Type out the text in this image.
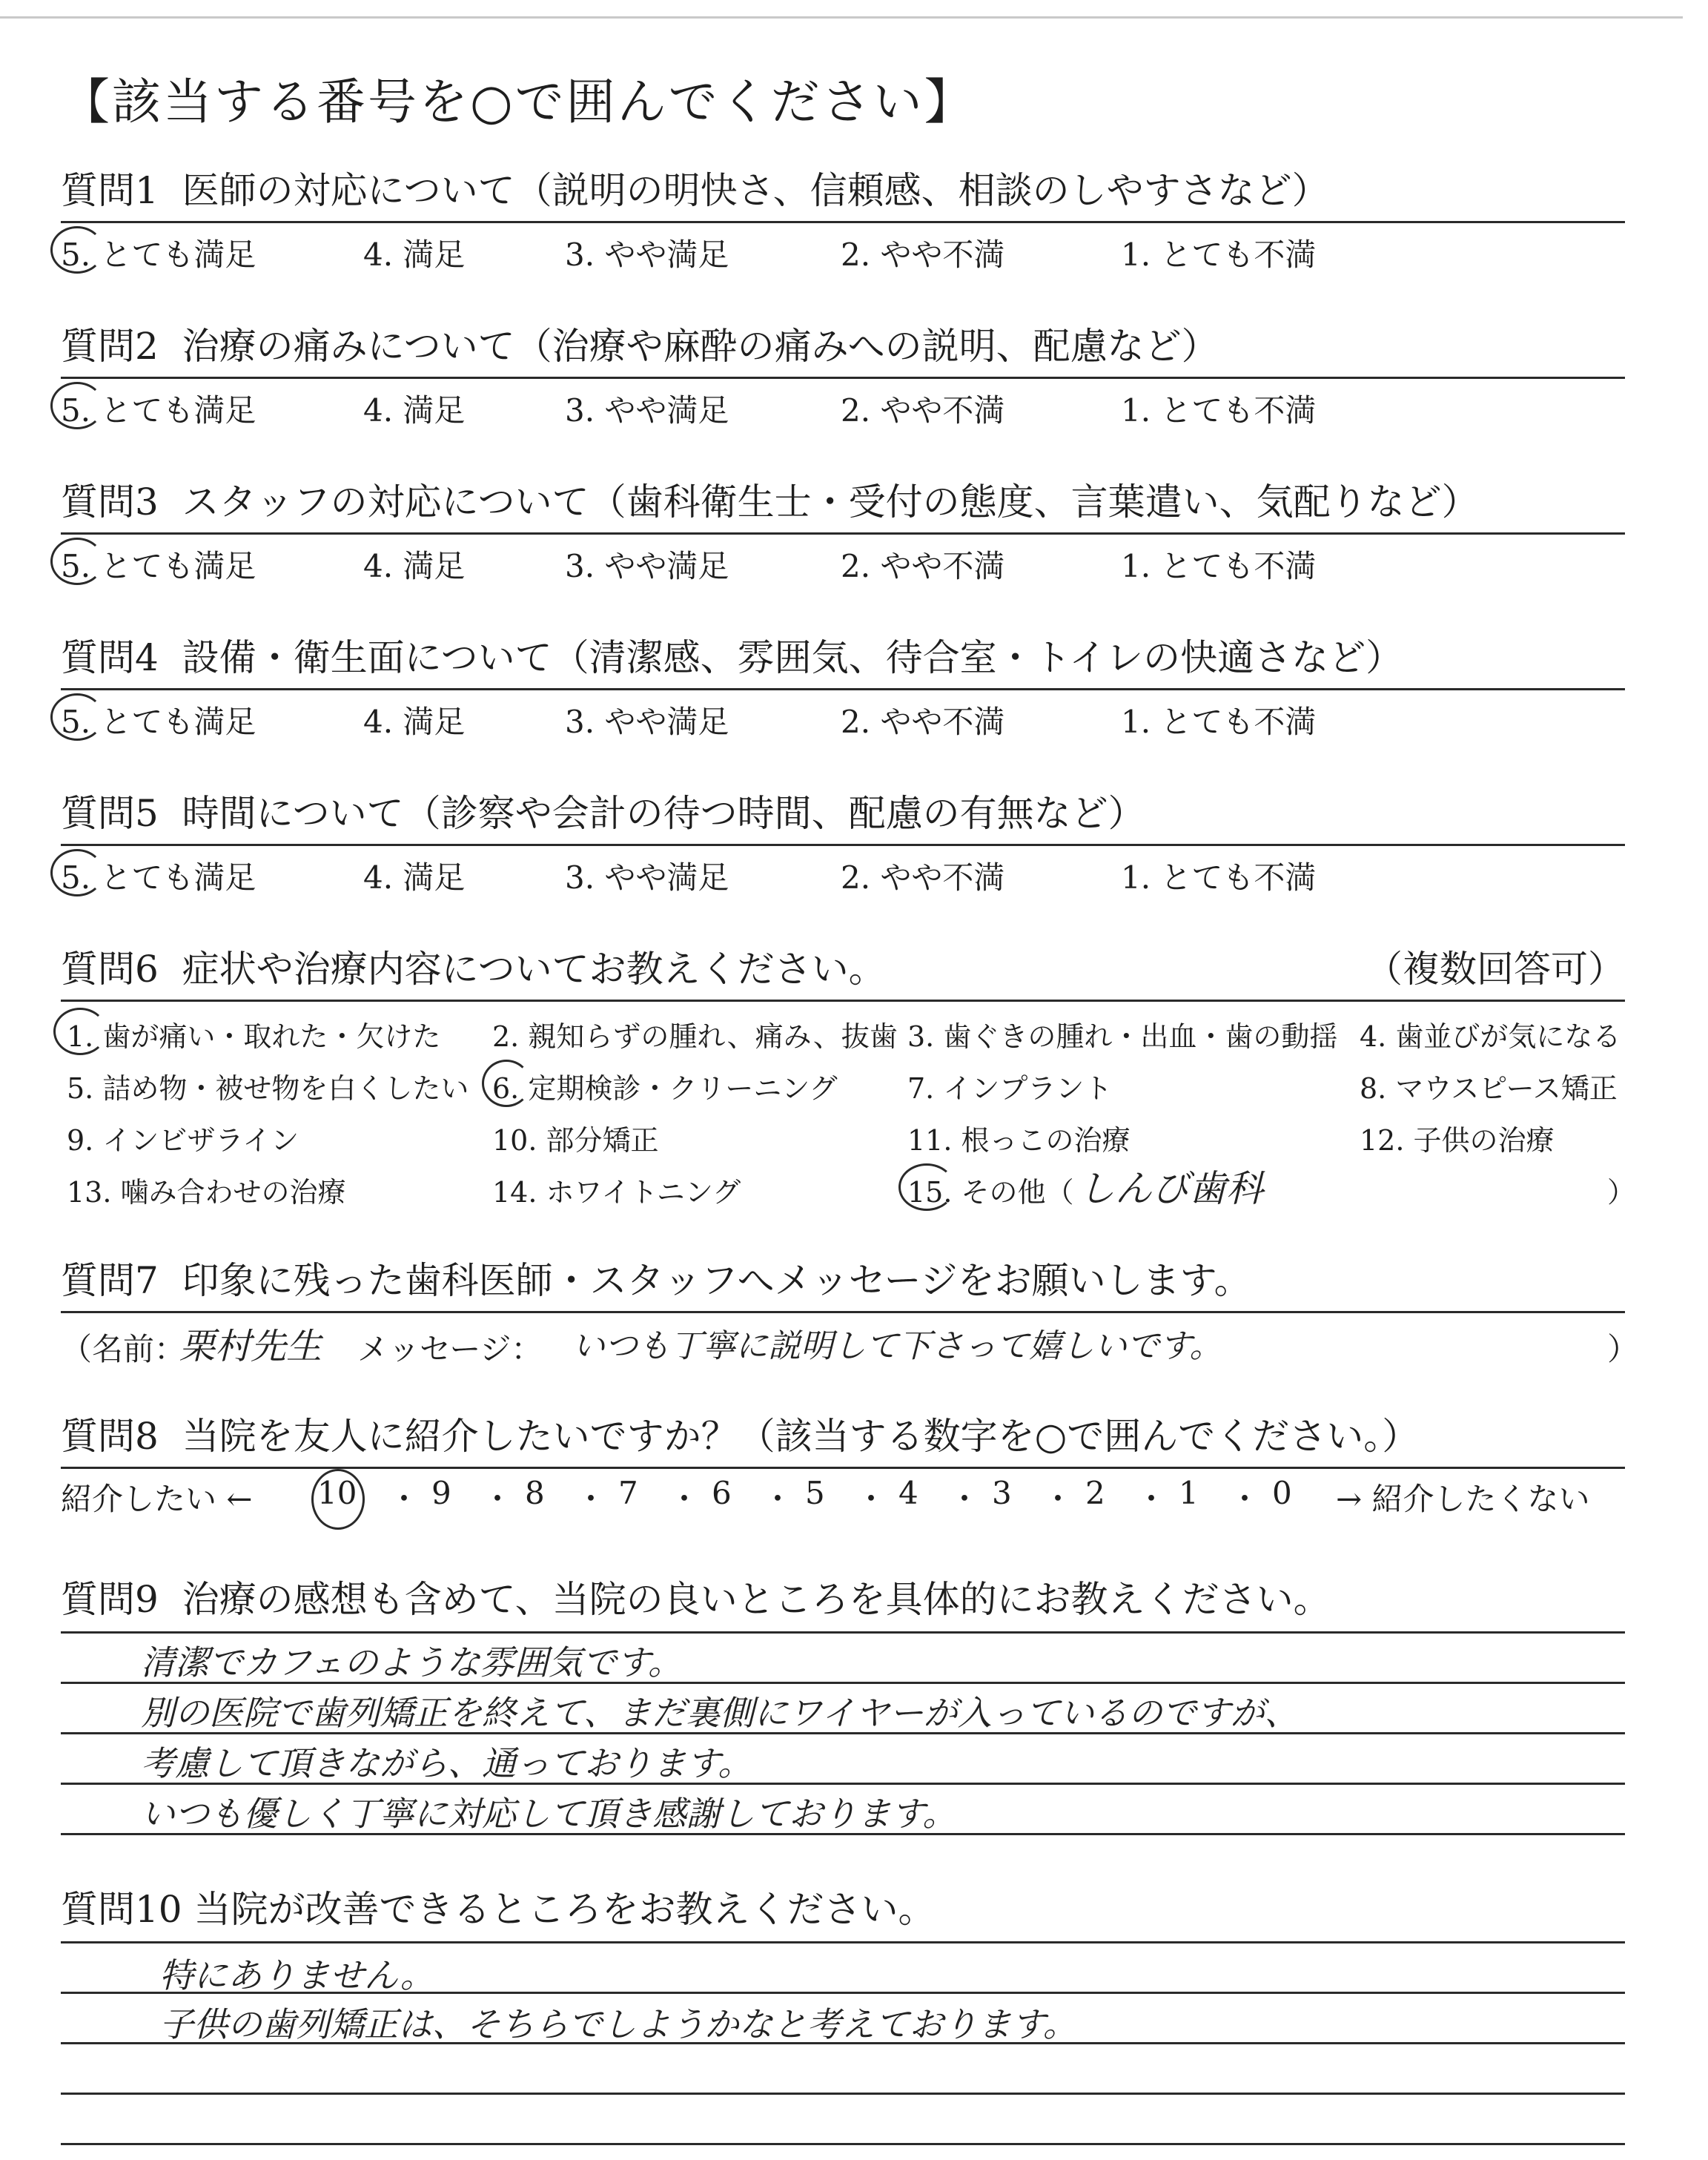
【該当する番号を○で囲んでください】
質問1 医師の対応について（説明の明快さ、信頼感、相談のしやすさなど）
5. とても満足	4. 満足	3. やや満足	2. やや不満	1. とても不満
質問2 治療の痛みについて（治療や麻酔の痛みへの説明、配慮など）
5. とても満足	4. 満足	3. やや満足	2. やや不満	1. とても不満
質問3 スタッフの対応について（歯科衛生士・受付の態度、言葉遣い、気配りなど）
5. とても満足	4. 満足	3. やや満足	2. やや不満	1. とても不満
質問4 設備・衛生面について（清潔感、雰囲気、待合室・トイレの快適さなど）
5. とても満足	4. 満足	3. やや満足	2. やや不満	1. とても不満
質問5 時間について（診察や会計の待つ時間、配慮の有無など）
5. とても満足	4. 満足	3. やや満足	2. やや不満	1. とても不満
質問6 症状や治療内容についてお教えください。	（複数回答可）
1. 歯が痛い・取れた・欠けた 2. 親知らずの腫れ、痛み、抜歯 3. 歯ぐきの腫れ・出血・歯の動揺 4. 歯並びが気になる
5. 詰め物・被せ物を白くしたい 6. 定期検診・クリーニング 7. インプラント	8. マウスピース矯正
9. インビザライン	10. 部分矯正	11. 根っこの治療	12. 子供の治療
13. 噛み合わせの治療	14. ホワイトニング	15. その他（ しんび歯科	）
質問7 印象に残った歯科医師・スタッフへメッセージをお願いします。
（名前：
栗村先生 メッセージ： いつも丁寧に説明して下さって嬉しいです。	）
質問8 当院を友人に紹介したいですか？（該当する数字を○で囲んでください。）
紹介したい ← 10 ・ 9 ・ 8 ・ 7 ・ 6 ・ 5 ・ 4 ・ 3 ・ 2 ・ 1 ・ 0 → 紹介したくない
質問9 治療の感想も含めて、当院の良いところを具体的にお教えください。
清潔でカフェのような雰囲気です。
別の医院で歯列矯正を終えて、まだ裏側にワイヤーが入っているのですが、
考慮して頂きながら、通っております。
いつも優しく丁寧に対応して頂き感謝しております。
質問10 当院が改善できるところをお教えください。
特にありません。
子供の歯列矯正は、そちらでしようかなと考えております。
